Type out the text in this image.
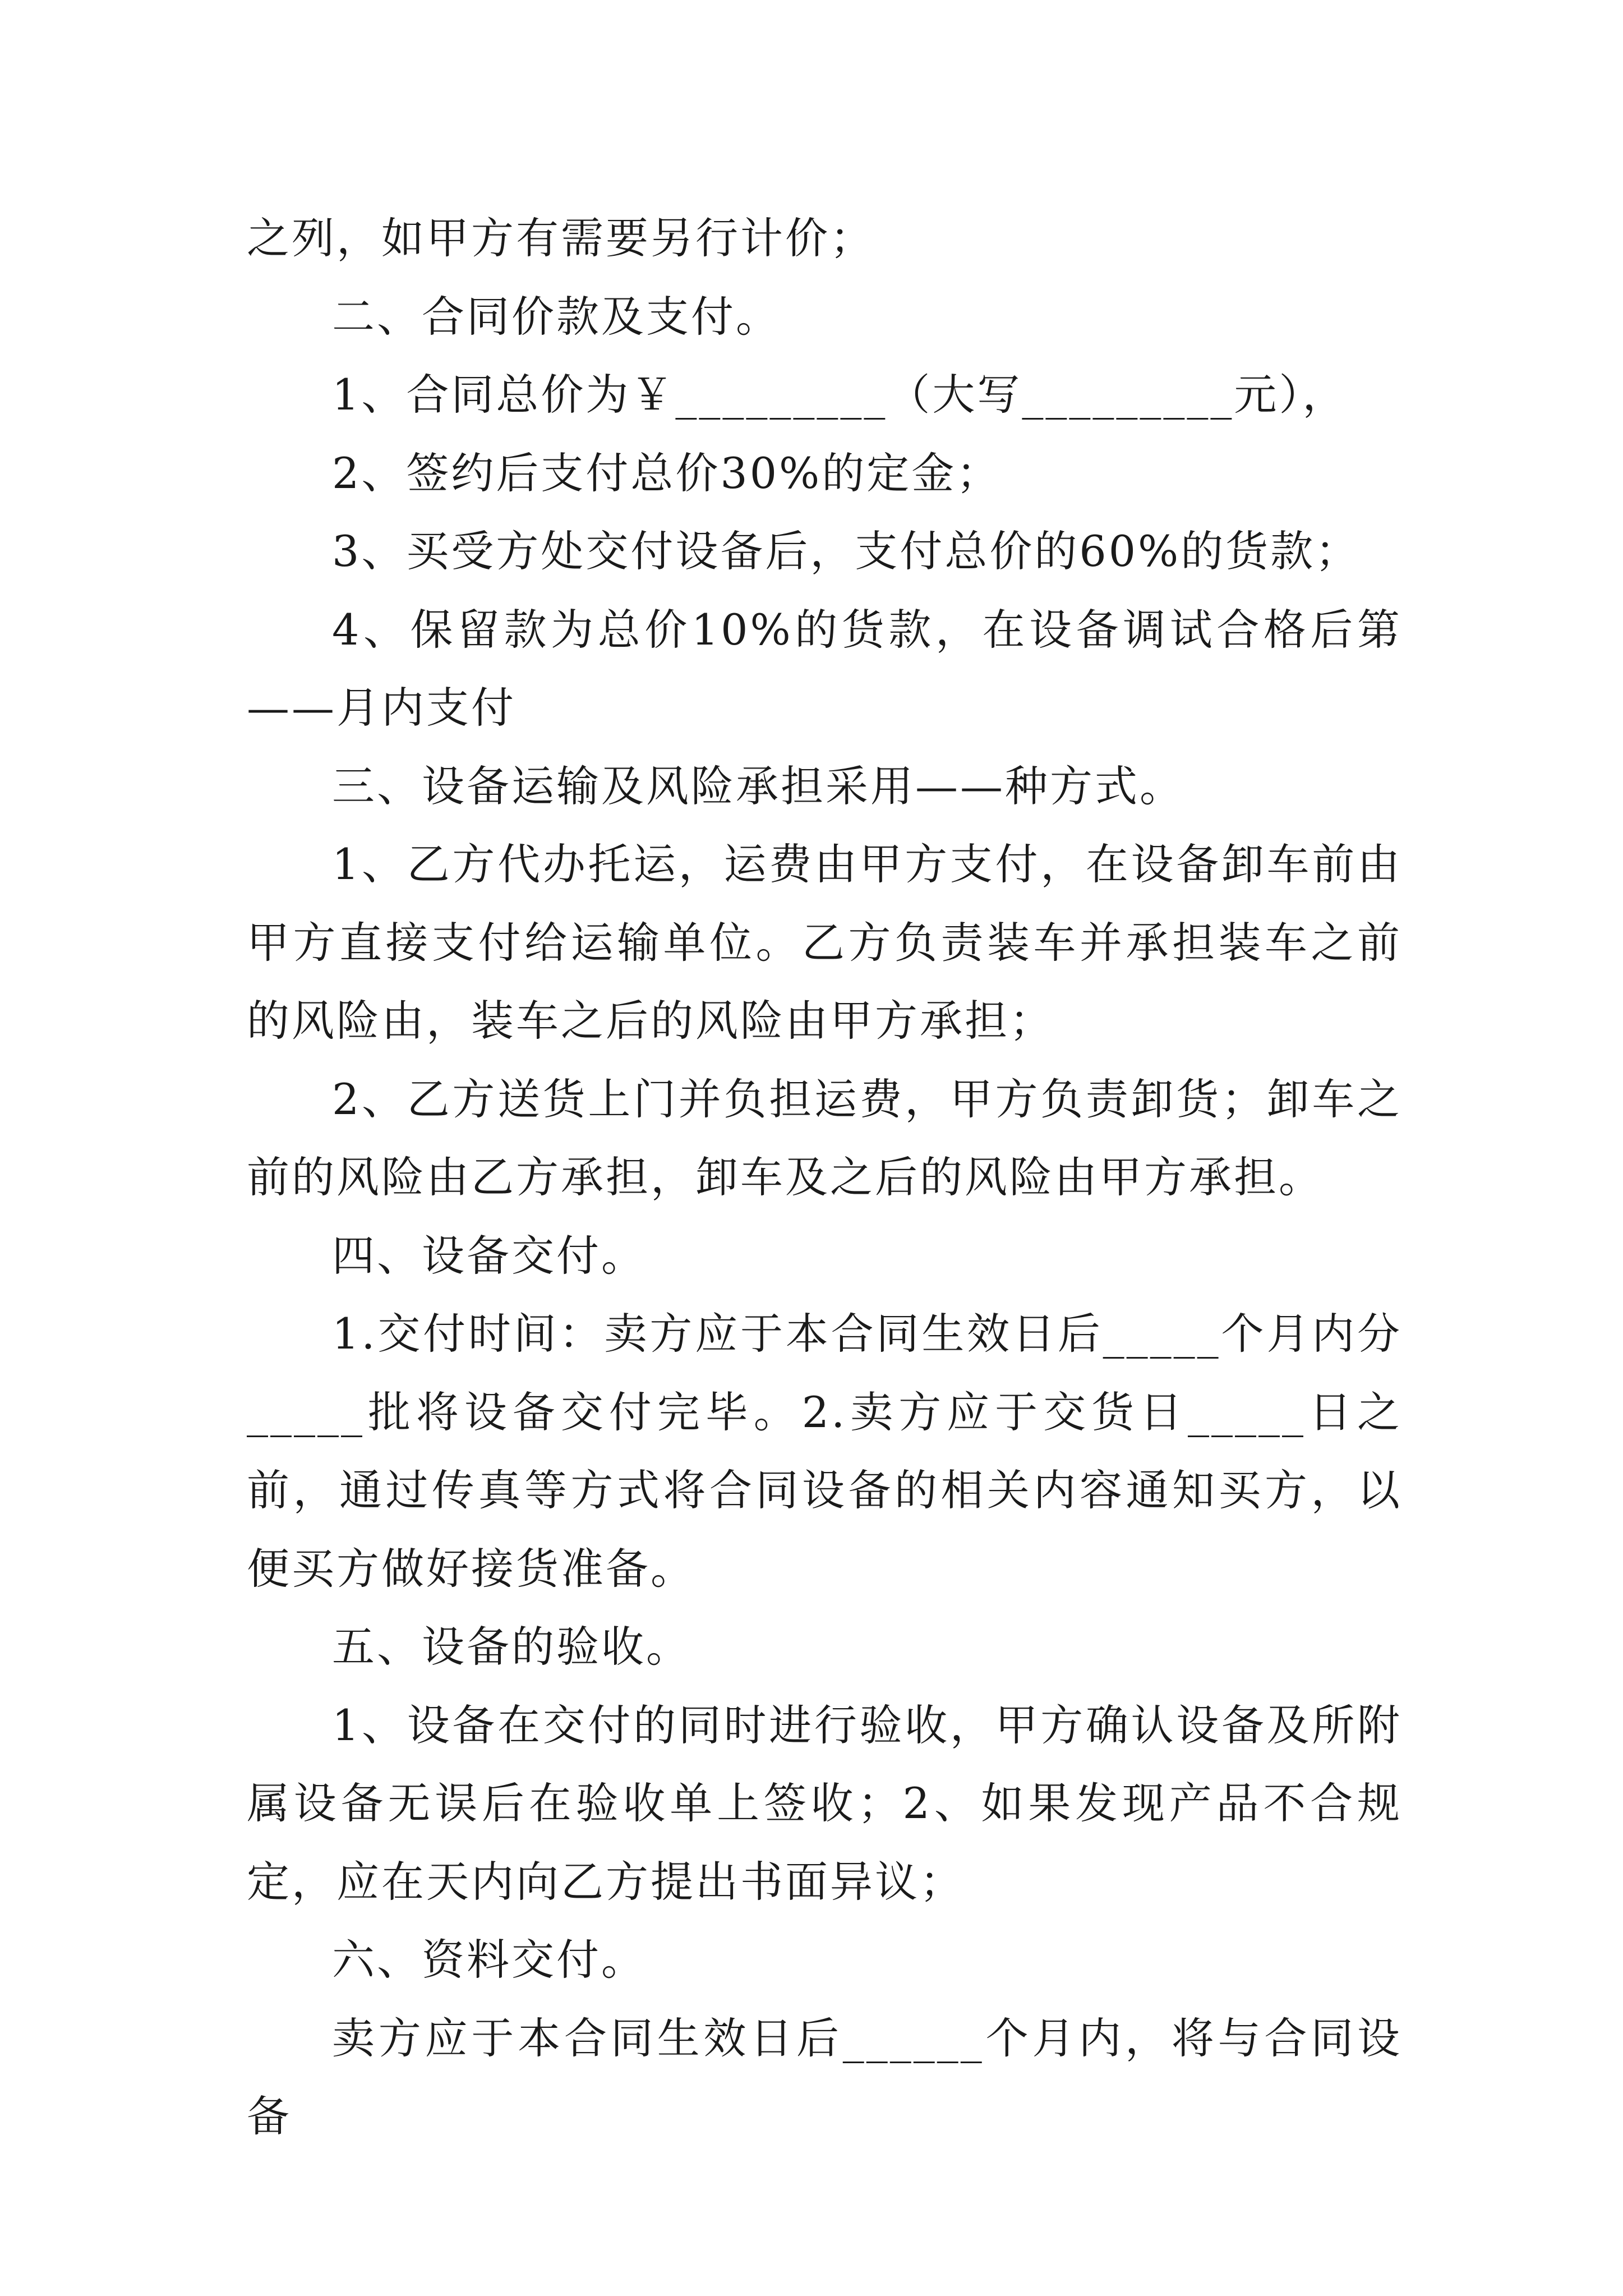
之列，如甲方有需要另行计价；

二、合同价款及支付。

1、合同总价为￥_________（大写_________元），

2、签约后支付总价30%的定金；

3、买受方处交付设备后，支付总价的60%的货款；

4、保留款为总价10%的货款，在设备调试合格后第——月内支付

三、设备运输及风险承担采用——种方式。

1、乙方代办托运，运费由甲方支付，在设备卸车前由甲方直接支付给运输单位。乙方负责装车并承担装车之前的风险由，装车之后的风险由甲方承担；

2、乙方送货上门并负担运费，甲方负责卸货；卸车之前的风险由乙方承担，卸车及之后的风险由甲方承担。

四、设备交付。

1.交付时间：卖方应于本合同生效日后_____个月内分_____批将设备交付完毕。2.卖方应于交货日_____日之前，通过传真等方式将合同设备的相关内容通知买方，以便买方做好接货准备。

五、设备的验收。

1、设备在交付的同时进行验收，甲方确认设备及所附属设备无误后在验收单上签收；2、如果发现产品不合规定，应在天内向乙方提出书面异议；

六、资料交付。

卖方应于本合同生效日后______个月内，将与合同设备
